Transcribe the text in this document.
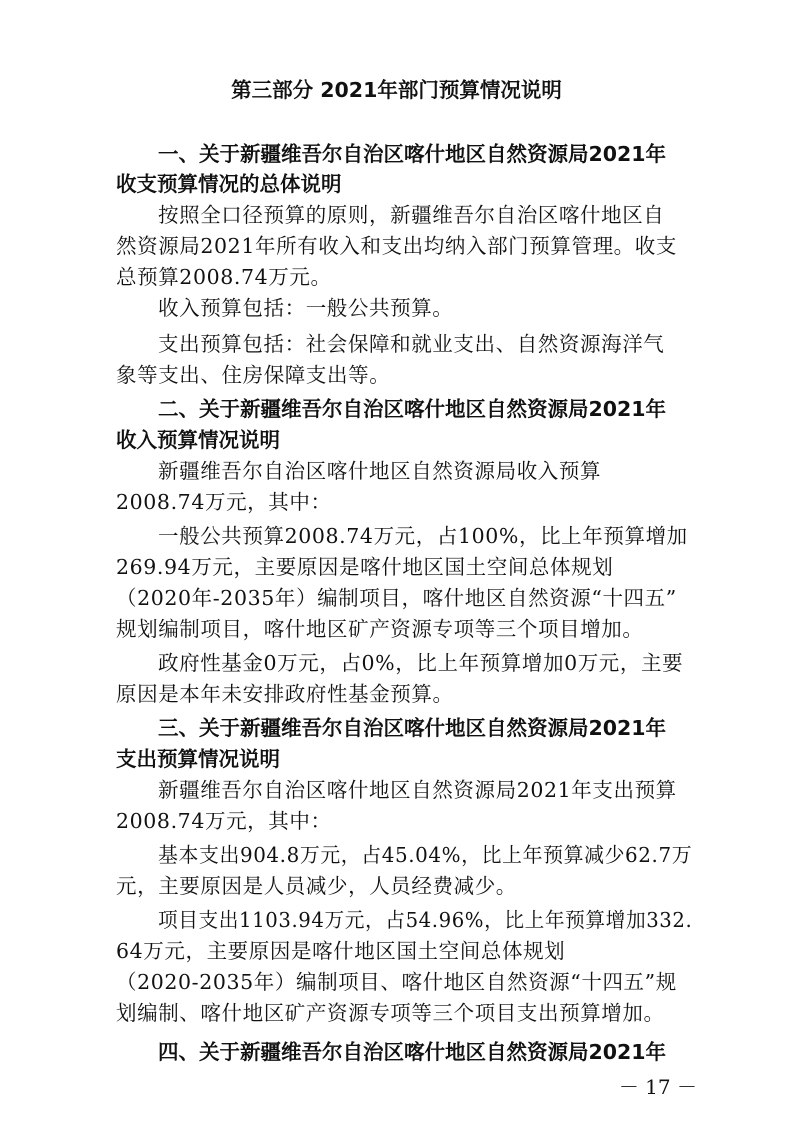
第三部分 2021年部门预算情况说明
一、关于新疆维吾尔自治区喀什地区自然资源局2021年
收支预算情况的总体说明
按照全口径预算的原则，新疆维吾尔自治区喀什地区自
然资源局2021年所有收入和支出均纳入部门预算管理。收支
总预算2008.74万元。
收入预算包括：一般公共预算。
支出预算包括：社会保障和就业支出、自然资源海洋气
象等支出、住房保障支出等。
二、关于新疆维吾尔自治区喀什地区自然资源局2021年
收入预算情况说明
新疆维吾尔自治区喀什地区自然资源局收入预算
2008.74万元，其中：
一般公共预算2008.74万元，占100%，比上年预算增加
269.94万元，主要原因是喀什地区国土空间总体规划
（2020年-2035年）编制项目，喀什地区自然资源“十四五”
规划编制项目，喀什地区矿产资源专项等三个项目增加。
政府性基金0万元，占0%，比上年预算增加0万元，主要
原因是本年未安排政府性基金预算。
三、关于新疆维吾尔自治区喀什地区自然资源局2021年
支出预算情况说明
新疆维吾尔自治区喀什地区自然资源局2021年支出预算
2008.74万元，其中：
基本支出904.8万元，占45.04%，比上年预算减少62.7万
元，主要原因是人员减少，人员经费减少。
项目支出1103.94万元，占54.96%，比上年预算增加332.
64万元，主要原因是喀什地区国土空间总体规划
（2020-2035年）编制项目、喀什地区自然资源“十四五”规
划编制、喀什地区矿产资源专项等三个项目支出预算增加。
四、关于新疆维吾尔自治区喀什地区自然资源局2021年
－ 17 －
